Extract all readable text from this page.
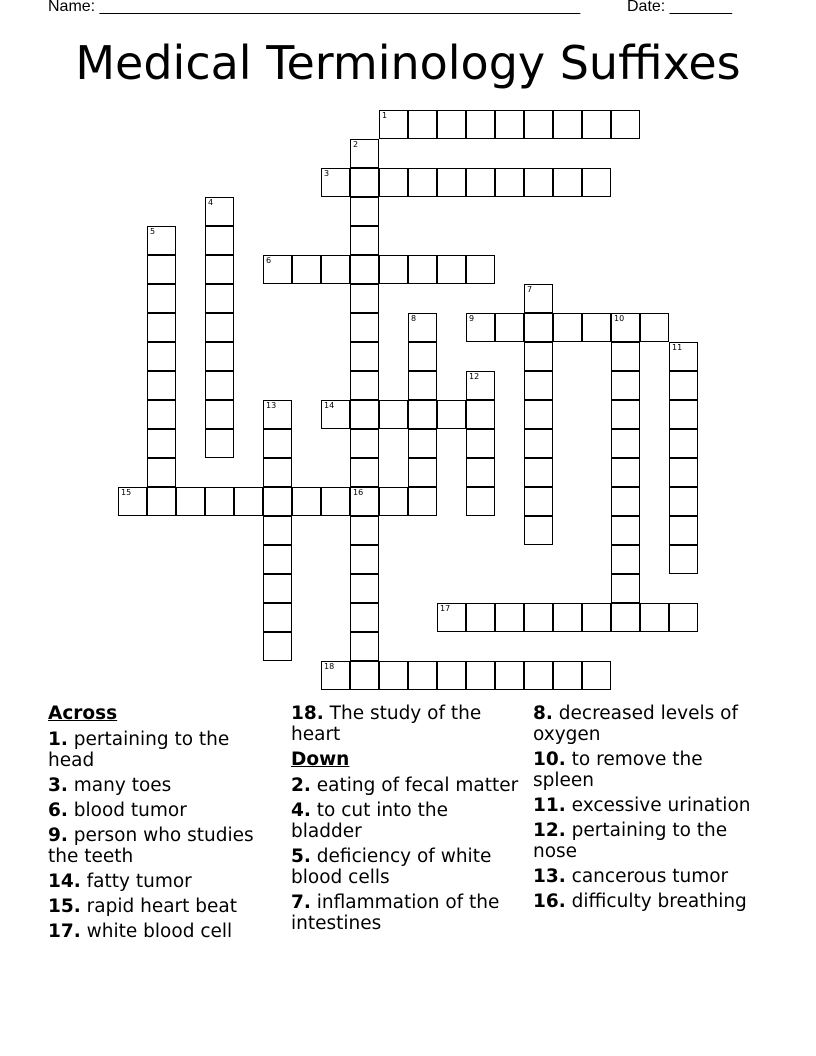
Name: ______________________________________________________	Date: _______
Medical Terminology Suffixes
1
2
3
4
5
6
7
8	9	10
11
12
13	14
15	16
17
18
Across
1. pertaining to the head
3. many toes
6. blood tumor
9. person who studies the teeth
14. fatty tumor
15. rapid heart beat
17. white blood cell
18. The study of the heart
Down
2. eating of fecal matter
4. to cut into the bladder
5. deficiency of white blood cells
7. inflammation of the intestines
8. decreased levels of oxygen
10. to remove the spleen
11. excessive urination
12. pertaining to the nose
13. cancerous tumor
16. difficulty breathing
